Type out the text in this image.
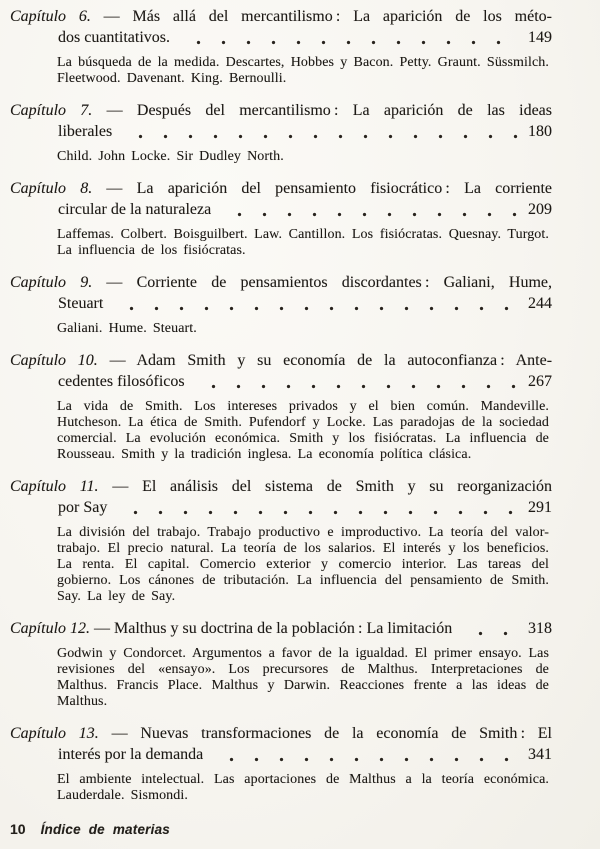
Capítulo 6. — Más allá del mercantilismo : La aparición de los méto-
dos cuantitativos.	149

La búsqueda de la medida. Descartes, Hobbes y Bacon. Petty. Graunt. Süssmilch. Fleetwood. Davenant. King. Bernoulli.

Capítulo 7. — Después del mercantilismo : La aparición de las ideas
liberales	180

Child. John Locke. Sir Dudley North.

Capítulo 8. — La aparición del pensamiento fisiocrático : La corriente
circular de la naturaleza	209

Laffemas. Colbert. Boisguilbert. Law. Cantillon. Los fisiócratas. Quesnay. Turgot. La influencia de los fisiócratas.

Capítulo 9. — Corriente de pensamientos discordantes : Galiani, Hume,
Steuart	244

Galiani. Hume. Steuart.

Capítulo 10. — Adam Smith y su economía de la autoconfianza : Ante-
cedentes filosóficos	267

La vida de Smith. Los intereses privados y el bien común. Mandeville. Hutcheson. La ética de Smith. Pufendorf y Locke. Las paradojas de la sociedad comercial. La evolución económica. Smith y los fisiócratas. La influencia de Rousseau. Smith y la tradición inglesa. La economía política clásica.

Capítulo 11. — El análisis del sistema de Smith y su reorganización
por Say	291

La división del trabajo. Trabajo productivo e improductivo. La teoría del valor-trabajo. El precio natural. La teoría de los salarios. El interés y los beneficios. La renta. El capital. Comercio exterior y comercio interior. Las tareas del gobierno. Los cánones de tributación. La influencia del pensamiento de Smith. Say. La ley de Say.

Capítulo 12. — Malthus y su doctrina de la población : La limitación	318

Godwin y Condorcet. Argumentos a favor de la igualdad. El primer ensayo. Las revisiones del «ensayo». Los precursores de Malthus. Interpretaciones de Malthus. Francis Place. Malthus y Darwin. Reacciones frente a las ideas de Malthus.

Capítulo 13. — Nuevas transformaciones de la economía de Smith : El
interés por la demanda	341

El ambiente intelectual. Las aportaciones de Malthus a la teoría económica. Lauderdale. Sismondi.

10 Índice de materias
